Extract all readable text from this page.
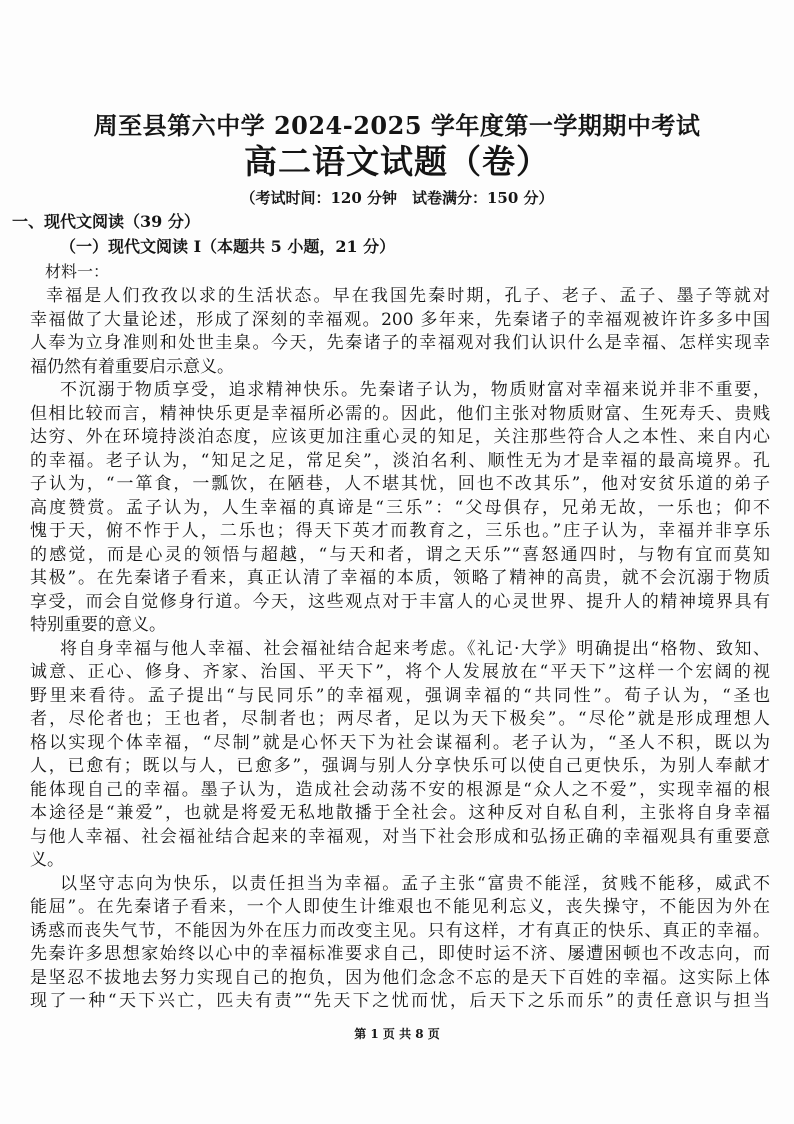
周至县第六中学 2024-2025 学年度第一学期期中考试
高二语文试题（卷）
（考试时间：120 分钟　试卷满分：150 分）
一、现代文阅读（39 分）
（一）现代文阅读 I（本题共 5 小题，21 分）
材料一：
幸福是人们孜孜以求的生活状态。早在我国先秦时期，孔子、老子、孟子、墨子等就对
幸福做了大量论述，形成了深刻的幸福观。200 多年来，先秦诸子的幸福观被许许多多中国
人奉为立身准则和处世圭臬。今天，先秦诸子的幸福观对我们认识什么是幸福、怎样实现幸
福仍然有着重要启示意义。
不沉溺于物质享受，追求精神快乐。先秦诸子认为，物质财富对幸福来说并非不重要，
但相比较而言，精神快乐更是幸福所必需的。因此，他们主张对物质财富、生死寿夭、贵贱
达穷、外在环境持淡泊态度，应该更加注重心灵的知足，关注那些符合人之本性、来自内心
的幸福。老子认为，“知足之足，常足矣”，淡泊名利、顺性无为才是幸福的最高境界。孔
子认为，“一箪食，一瓢饮，在陋巷，人不堪其忧，回也不改其乐”，他对安贫乐道的弟子
高度赞赏。孟子认为，人生幸福的真谛是“三乐”：“父母俱存，兄弟无故，一乐也；仰不
愧于天，俯不怍于人，二乐也；得天下英才而教育之，三乐也。”庄子认为，幸福并非享乐
的感觉，而是心灵的领悟与超越，“与天和者，谓之天乐”“喜怒通四时，与物有宜而莫知
其极”。在先秦诸子看来，真正认清了幸福的本质，领略了精神的高贵，就不会沉溺于物质
享受，而会自觉修身行道。今天，这些观点对于丰富人的心灵世界、提升人的精神境界具有
特别重要的意义。
将自身幸福与他人幸福、社会福祉结合起来考虑。《礼记·大学》明确提出“格物、致知、
诚意、正心、修身、齐家、治国、平天下”，将个人发展放在“平天下”这样一个宏阔的视
野里来看待。孟子提出“与民同乐”的幸福观，强调幸福的“共同性”。荀子认为，“圣也
者，尽伦者也；王也者，尽制者也；两尽者，足以为天下极矣”。“尽伦”就是形成理想人
格以实现个体幸福，“尽制”就是心怀天下为社会谋福利。老子认为，“圣人不积，既以为
人，已愈有；既以与人，已愈多”，强调与别人分享快乐可以使自己更快乐，为别人奉献才
能体现自己的幸福。墨子认为，造成社会动荡不安的根源是“众人之不爱”，实现幸福的根
本途径是“兼爱”，也就是将爱无私地散播于全社会。这种反对自私自利，主张将自身幸福
与他人幸福、社会福祉结合起来的幸福观，对当下社会形成和弘扬正确的幸福观具有重要意
义。
以坚守志向为快乐，以责任担当为幸福。孟子主张“富贵不能淫，贫贱不能移，威武不
能屈”。在先秦诸子看来，一个人即使生计维艰也不能见利忘义，丧失操守，不能因为外在
诱惑而丧失气节，不能因为外在压力而改变主见。只有这样，才有真正的快乐、真正的幸福。
先秦许多思想家始终以心中的幸福标准要求自己，即使时运不济、屡遭困顿也不改志向，而
是坚忍不拔地去努力实现自己的抱负，因为他们念念不忘的是天下百姓的幸福。这实际上体
现了一种“天下兴亡，匹夫有责”“先天下之忧而忧，后天下之乐而乐”的责任意识与担当
第 1 页 共 8 页
